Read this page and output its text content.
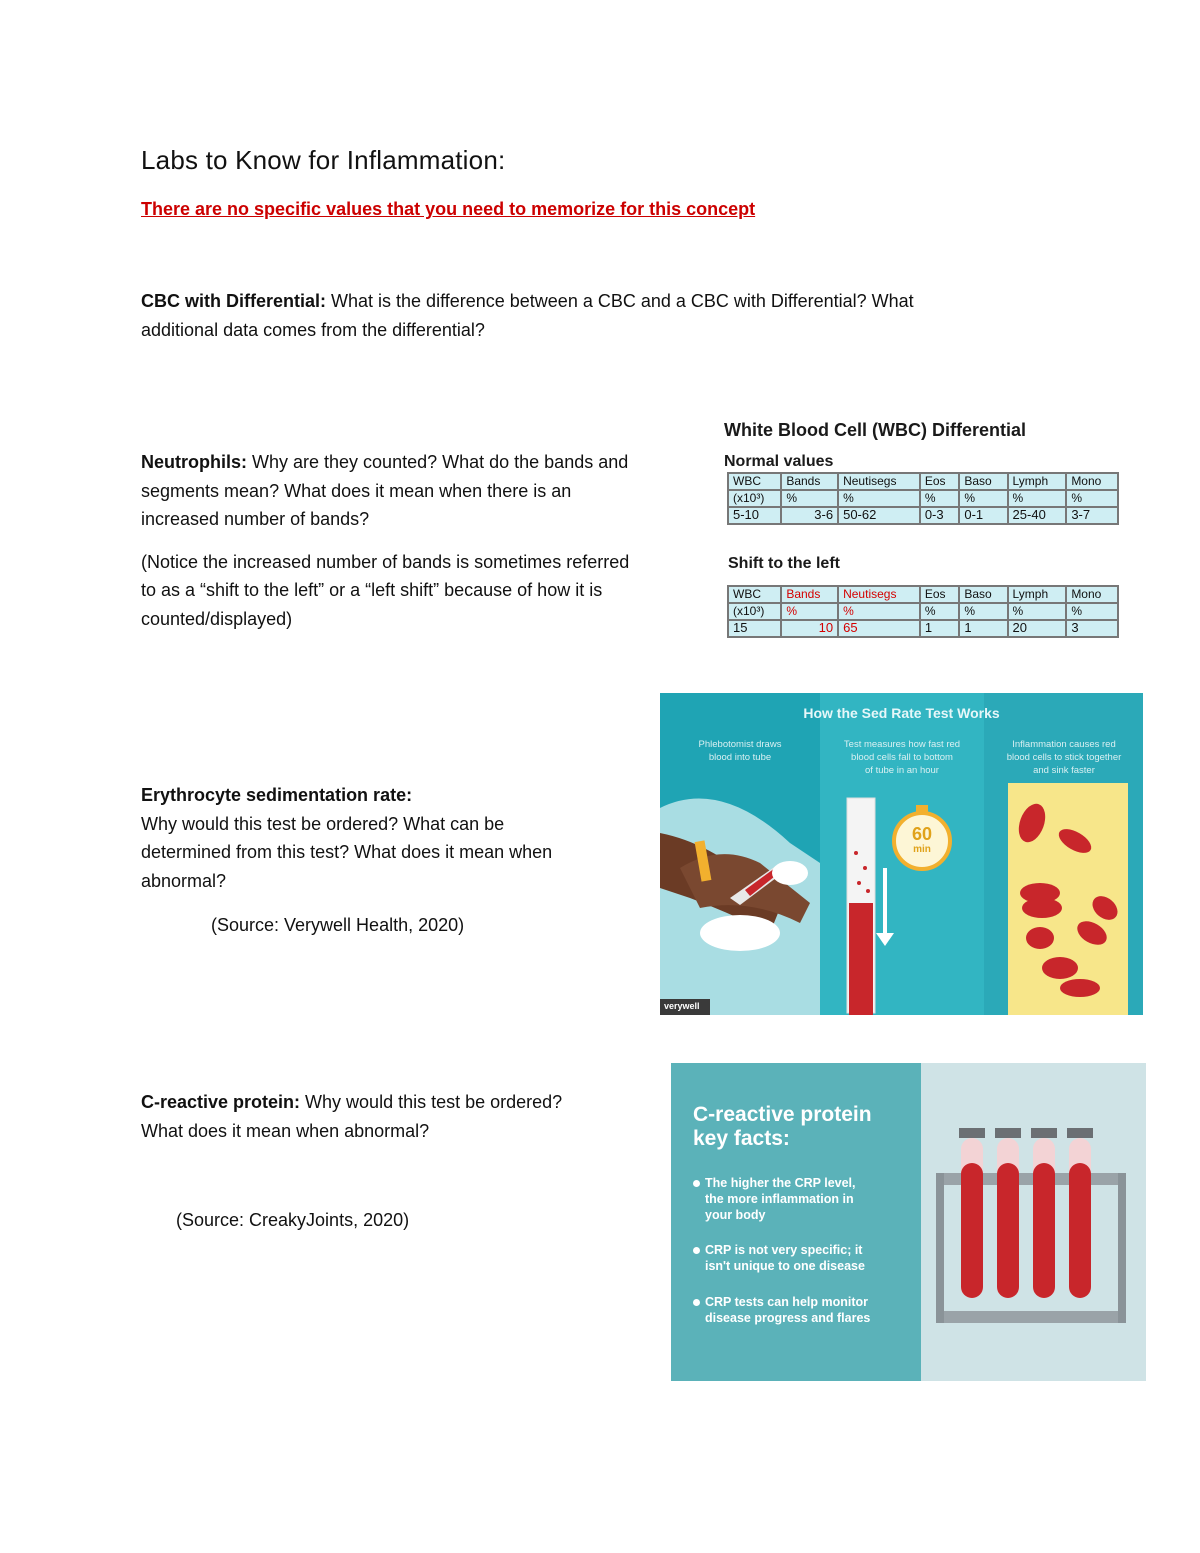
Labs to Know for Inflammation:
There are no specific values that you need to memorize for this concept
CBC with Differential: What is the difference between a CBC and a CBC with Differential? What
additional data comes from the differential?
Neutrophils: Why are they counted? What do the bands and
segments mean? What does it mean when there is an
increased number of bands?
(Notice the increased number of bands is sometimes referred
to as a “shift to the left” or a “left shift” because of how it is
counted/displayed)
White Blood Cell (WBC) Differential
Normal values
WBC	Bands	Neutisegs	Eos	Baso	Lymph	Mono
(x10³)	%	%	%	%	%	%
5-10	3-6	50-62	0-3	0-1	25-40	3-7
Shift to the left
WBC	Bands	Neutisegs	Eos	Baso	Lymph	Mono
(x10³)	%	%	%	%	%	%
15	10	65	1	1	20	3
Erythrocyte sedimentation rate:
Why would this test be ordered? What can be
determined from this test? What does it mean when
abnormal?
(Source: Verywell Health, 2020)
How the Sed Rate Test Works
Phlebotomist draws
blood into tube
Test measures how fast red
blood cells fall to bottom
of tube in an hour
Inflammation causes red
blood cells to stick together
and sink faster
60
min
verywell
C-reactive protein: Why would this test be ordered?
What does it mean when abnormal?
(Source: CreakyJoints, 2020)
C-reactive protein
key facts:
The higher the CRP level,
the more inflammation in
your body
CRP is not very specific; it
isn't unique to one disease
CRP tests can help monitor
disease progress and flares
